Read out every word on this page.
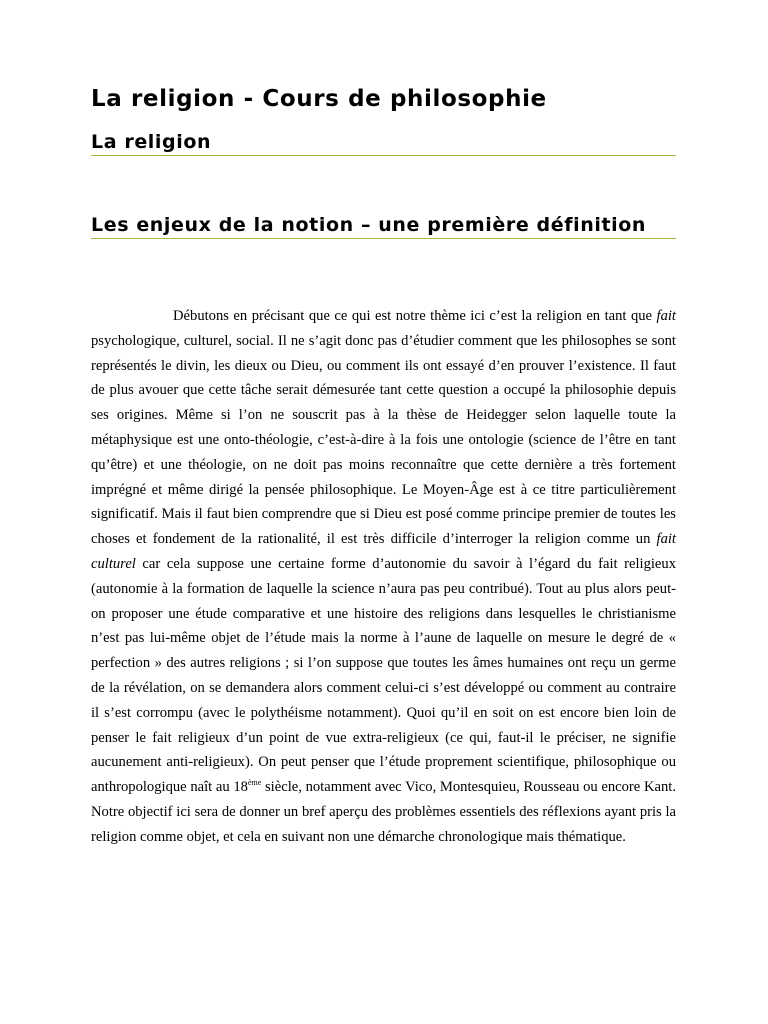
La religion - Cours de philosophie
La religion
Les enjeux de la notion – une première définition

Débutons en précisant que ce qui est notre thème ici c’est la religion en tant que fait psychologique, culturel, social. Il ne s’agit donc pas d’étudier comment que les philosophes se sont représentés le divin, les dieux ou Dieu, ou comment ils ont essayé d’en prouver l’existence. Il faut de plus avouer que cette tâche serait démesurée tant cette question a occupé la philosophie depuis ses origines. Même si l’on ne souscrit pas à la thèse de Heidegger selon laquelle toute la métaphysique est une onto-théologie, c’est-à-dire à la fois une ontologie (science de l’être en tant qu’être) et une théologie, on ne doit pas moins reconnaître que cette dernière a très fortement imprégné et même dirigé la pensée philosophique. Le Moyen-Âge est à ce titre particulièrement significatif. Mais il faut bien comprendre que si Dieu est posé comme principe premier de toutes les choses et fondement de la rationalité, il est très difficile d’interroger la religion comme un fait culturel car cela suppose une certaine forme d’autonomie du savoir à l’égard du fait religieux (autonomie à la formation de laquelle la science n’aura pas peu contribué). Tout au plus alors peut-on proposer une étude comparative et une histoire des religions dans lesquelles le christianisme n’est pas lui-même objet de l’étude mais la norme à l’aune de laquelle on mesure le degré de « perfection » des autres religions ; si l’on suppose que toutes les âmes humaines ont reçu un germe de la révélation, on se demandera alors comment celui-ci s’est développé ou comment au contraire il s’est corrompu (avec le polythéisme notamment). Quoi qu’il en soit on est encore bien loin de penser le fait religieux d’un point de vue extra-religieux (ce qui, faut-il le préciser, ne signifie aucunement anti-religieux). On peut penser que l’étude proprement scientifique, philosophique ou anthropologique naît au 18ème siècle, notamment avec Vico, Montesquieu, Rousseau ou encore Kant. Notre objectif ici sera de donner un bref aperçu des problèmes essentiels des réflexions ayant pris la religion comme objet, et cela en suivant non une démarche chronologique mais thématique.
